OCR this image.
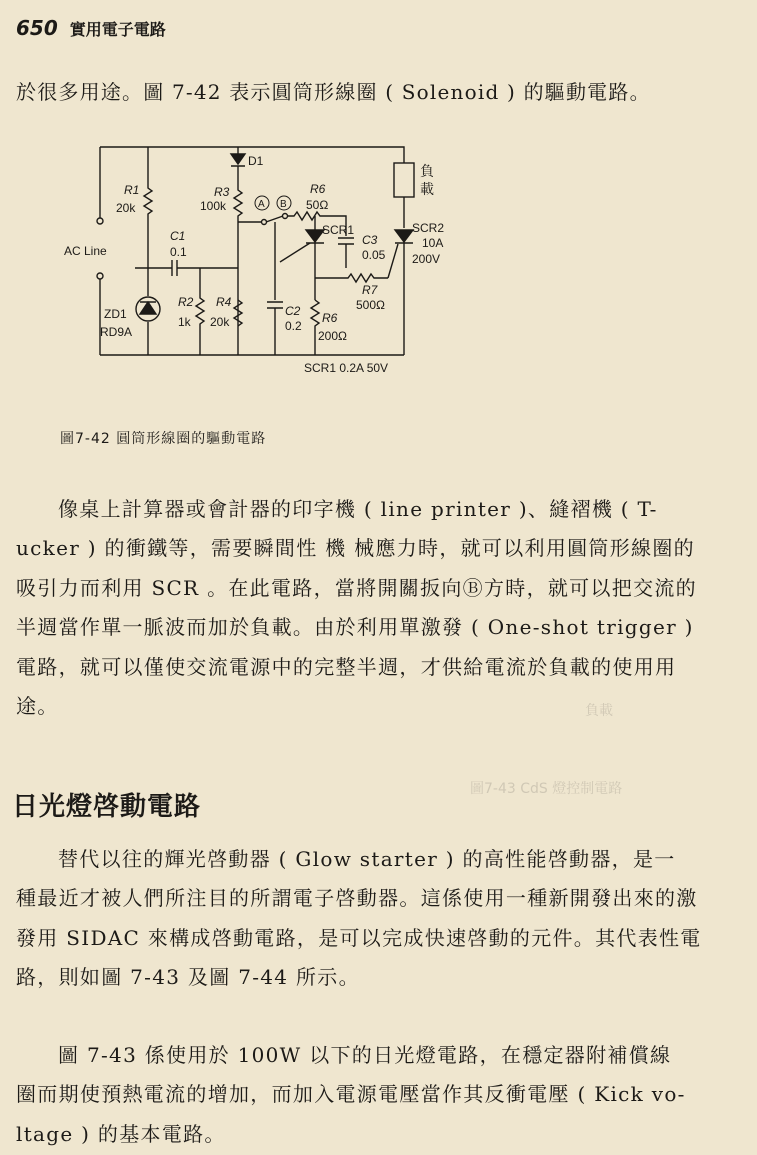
圖7-43 CdS 燈控制電路
負載
650 實用電子電路
於很多用途。圖 7-42 表示圓筒形線圈 ( Solenoid ) 的驅動電路。
AC Line
R1
20k
ZD1
RD9A
C1
0.1
R2
1k
R3
100k
R4
20k
D1
A B
C2
0.2
R6
50Ω
SCR1
C3
0.05
R7
500Ω
R6
200Ω
負
載
SCR2
10A
200V
SCR1 0.2A 50V
圖7-42 圓筒形線圈的驅動電路

像桌上計算器或會計器的印字機 ( line printer )、縫褶機 ( T-

ucker ) 的衝鐵等，需要瞬間性 機 械應力時，就可以利用圓筒形線圈的

吸引力而利用 SCR 。在此電路，當將開關扳向Ⓑ方時，就可以把交流的

半週當作單一脈波而加於負載。由於利用單激發 ( One-shot trigger )

電路，就可以僅使交流電源中的完整半週，才供給電流於負載的使用用

途。

日光燈啓動電路

替代以往的輝光啓動器 ( Glow starter ) 的高性能啓動器，是一

種最近才被人們所注目的所謂電子啓動器。這係使用一種新開發出來的激

發用 SIDAC 來構成啓動電路，是可以完成快速啓動的元件。其代表性電

路，則如圖 7-43 及圖 7-44 所示。

圖 7-43 係使用於 100W 以下的日光燈電路，在穩定器附補償線

圈而期使預熱電流的增加，而加入電源電壓當作其反衝電壓 ( Kick vo-

ltage ) 的基本電路。
